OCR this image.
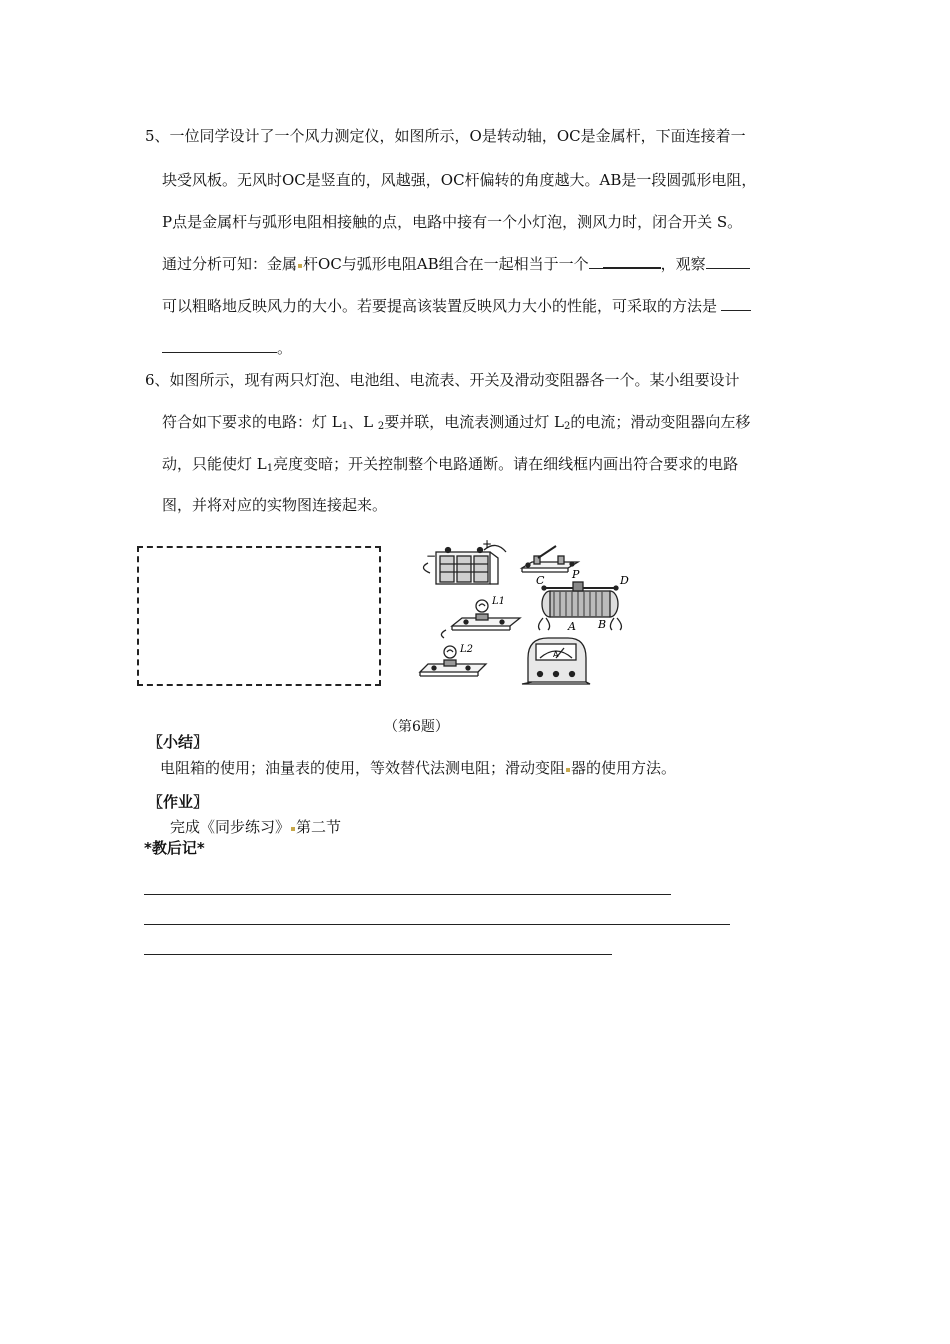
5、一位同学设计了一个风力测定仪，如图所示，O是转动轴，OC是金属杆，下面连接着一
块受风板。无风时OC是竖直的，风越强，OC杆偏转的角度越大。AB是一段圆弧形电阻，
P点是金属杆与弧形电阻相接触的点，电路中接有一个小灯泡，测风力时，闭合开关 S。
通过分析可知：金属 杆OC与弧形电阻AB组合在一起相当于一个	，观察
可以粗略地反映风力的大小。若要提高该装置反映风力大小的性能，可采取的方法是
。
6、如图所示，现有两只灯泡、电池组、电流表、开关及滑动变阻器各一个。某小组要设计
符合如下要求的电路：灯 $L_1$、L $_2$要并联，电流表测通过灯 $L_2$的电流；滑动变阻器向左移
动，只能使灯 $L_1$亮度变暗；开关控制整个电路通断。请在细线框内画出符合要求的电路
图，并将对应的实物图连接起来。
−
+
C	P	D
A B
L1
L2	A
（第6题）
〖小结〗
电阻箱的使用；油量表的使用，等效替代法测电阻；滑动变阻 器的使用方法。
〖作业〗
完成《同步练习》 第二节
*教后记*
